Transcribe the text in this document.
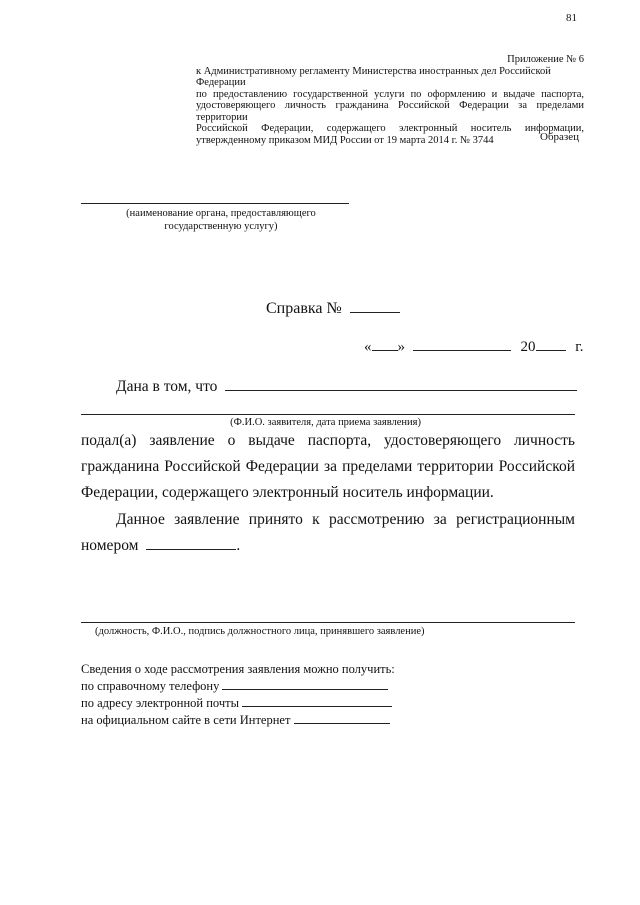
81
Приложение № 6
к Административному регламенту Министерства иностранных дел Российской Федерации
по предоставлению государственной услуги по оформлению и выдаче паспорта,
удостоверяющего личность гражданина Российской Федерации за пределами территории
Российской Федерации, содержащего электронный носитель информации,
утвержденному приказом МИД России от 19 марта 2014 г. № 3744	Образец
(наименование органа, предоставляющего
государственную услугу)
Справка №
« »	20	г.
Дана в том, что
(Ф.И.О. заявителя, дата приема заявления)
подал(а) заявление о выдаче паспорта, удостоверяющего личность гражданина Российской Федерации за пределами территории Российской Федерации, содержащего электронный носитель информации.
Данное заявление принято к рассмотрению за регистрационным номером	.
(должность, Ф.И.О., подпись должностного лица, принявшего заявление)
Сведения о ходе рассмотрения заявления можно получить:
по справочному телефону
по адресу электронной почты
на официальном сайте в сети Интернет
